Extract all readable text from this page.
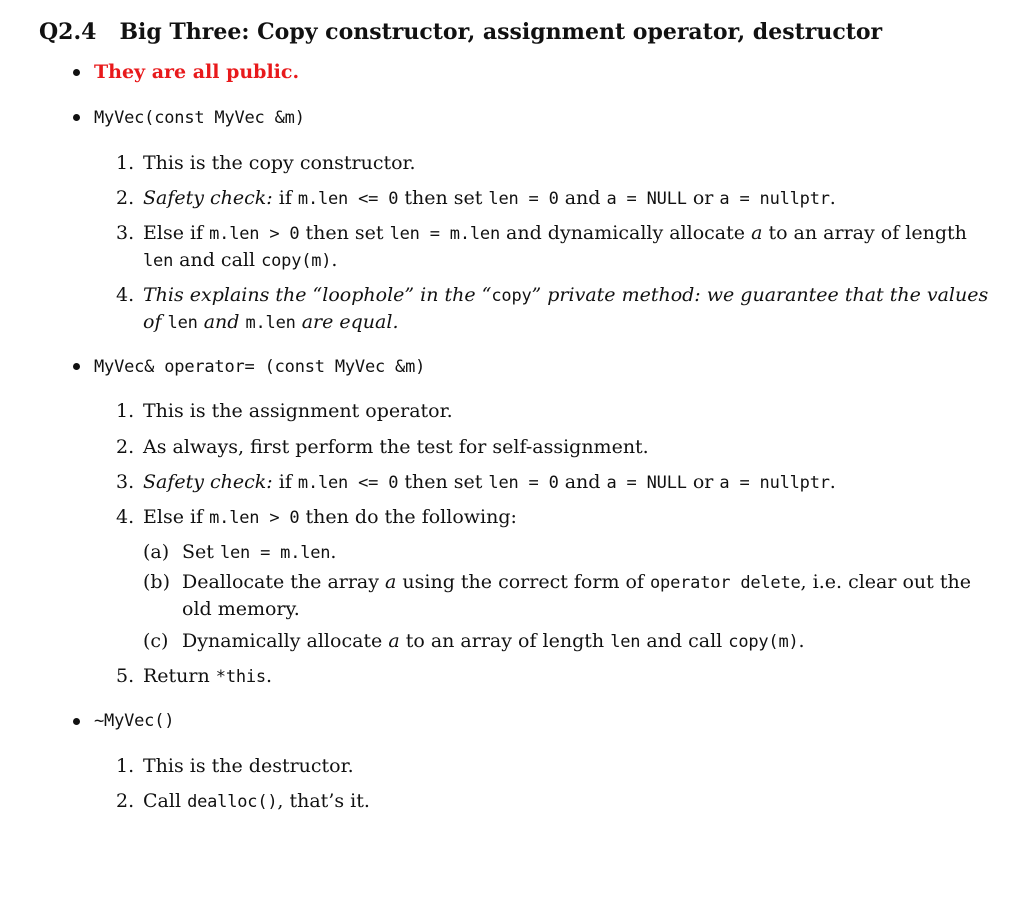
Q2.4 Big Three: Copy constructor, assignment operator, destructor
They are all public.
MyVec(const MyVec &m)
1. This is the copy constructor.
2. Safety check: if m.len <= 0 then set len = 0 and a = NULL or a = nullptr.
3. Else if m.len > 0 then set len = m.len and dynamically allocate a to an array of length
len and call copy(m).
4. This explains the “loophole” in the “copy” private method: we guarantee that the values
of len and m.len are equal.
MyVec& operator= (const MyVec &m)
1. This is the assignment operator.
2. As always, first perform the test for self-assignment.
3. Safety check: if m.len <= 0 then set len = 0 and a = NULL or a = nullptr.
4. Else if m.len > 0 then do the following:
(a) Set len = m.len.
(b) Deallocate the array a using the correct form of operator delete, i.e. clear out the
old memory.
(c) Dynamically allocate a to an array of length len and call copy(m).
5. Return *this.
~MyVec()
1. This is the destructor.
2. Call dealloc(), that’s it.
